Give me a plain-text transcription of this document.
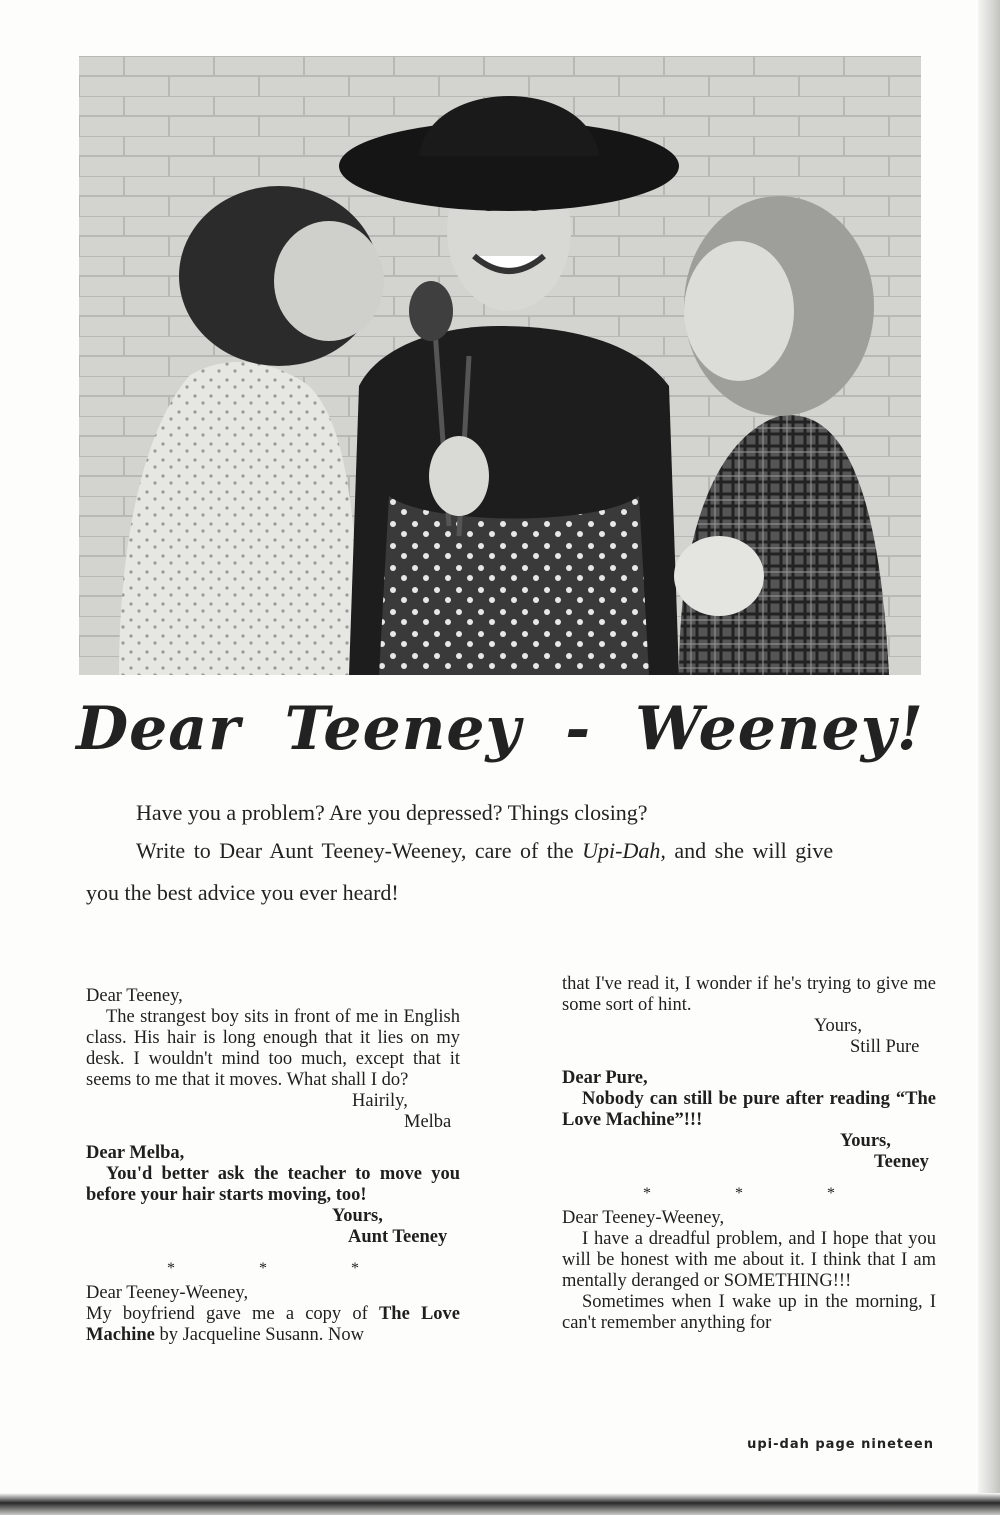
Dear Teeney - Weeney!

Have you a problem? Are you depressed? Things closing?

Write to Dear Aunt Teeney-Weeney, care of the Upi-Dah, and she will give

you the best advice you ever heard!

Dear Teeney,

The strangest boy sits in front of me in English class. His hair is long enough that it lies on my desk. I wouldn't mind too much, except that it seems to me that it moves. What shall I do?

Hairily,

Melba

Dear Melba,

You'd better ask the teacher to move you before your hair starts moving, too!

Yours,

Aunt Teeney

* * *

Dear Teeney-Weeney,

My boyfriend gave me a copy of The Love Machine by Jacqueline Susann. Now

that I've read it, I wonder if he's trying to give me some sort of hint.

Yours,

Still Pure

Dear Pure,

Nobody can still be pure after reading “The Love Machine”!!!

Yours,

Teeney

* * *

Dear Teeney-Weeney,

I have a dreadful problem, and I hope that you will be honest with me about it. I think that I am mentally deranged or SOMETHING!!!

Sometimes when I wake up in the morning, I can't remember anything for

upi-dah page nineteen
